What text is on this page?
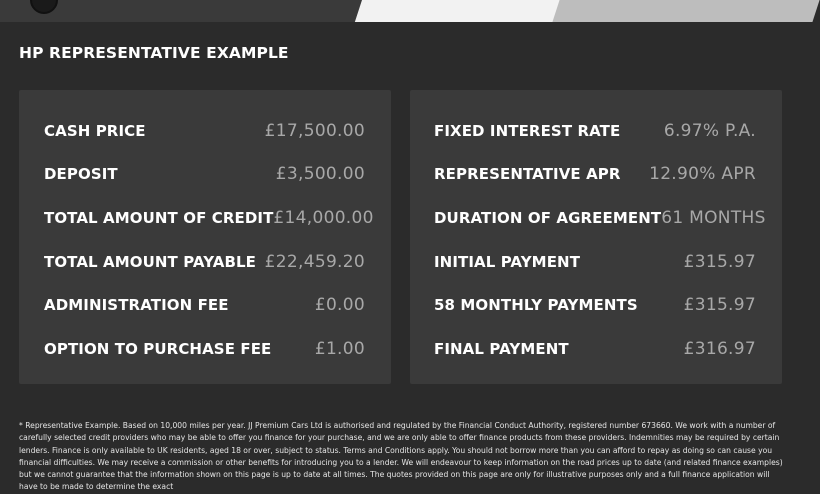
HP REPRESENTATIVE EXAMPLE
CASH PRICE	£17,500.00
DEPOSIT	£3,500.00
TOTAL AMOUNT OF CREDIT £14,000.00
TOTAL AMOUNT PAYABLE £22,459.20
ADMINISTRATION FEE	£0.00
OPTION TO PURCHASE FEE	£1.00
FIXED INTEREST RATE	6.97% P.A.
REPRESENTATIVE APR 12.90% APR
DURATION OF AGREEMENT 61 MONTHS
INITIAL PAYMENT	£315.97
58 MONTHLY PAYMENTS	£315.97
FINAL PAYMENT	£316.97
* Representative Example. Based on 10,000 miles per year. JJ Premium Cars Ltd is authorised and regulated by the Financial Conduct Authority, registered number 673660. We work with a number of carefully selected credit providers who may be able to offer you finance for your purchase, and we are only able to offer finance products from these providers. Indemnities may be required by certain lenders. Finance is only available to UK residents, aged 18 or over, subject to status. Terms and Conditions apply. You should not borrow more than you can afford to repay as doing so can cause you financial difficulties. We may receive a commission or other benefits for introducing you to a lender. We will endeavour to keep information on the road prices up to date (and related finance examples) but we cannot guarantee that the information shown on this page is up to date at all times. The quotes provided on this page are only for illustrative purposes only and a full finance application will have to be made to determine the exact
